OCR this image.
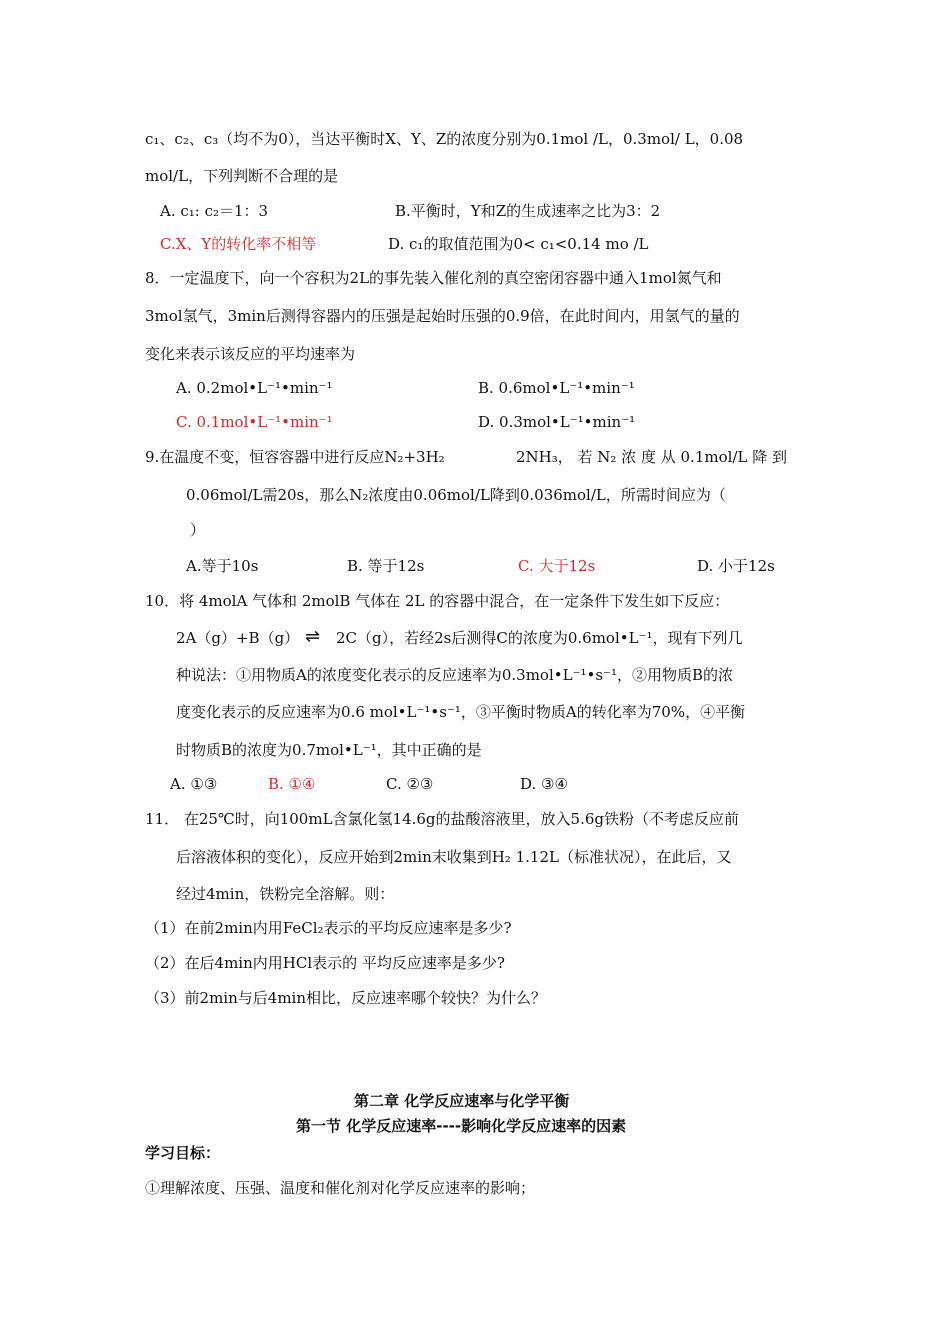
c₁、c₂、c₃（均不为0），当达平衡时X、Y、Z的浓度分别为0.1mol /L，0.3mol/ L，0.08
mol/L，下列判断不合理的是
A. c₁: c₂＝1：3	B.平衡时，Y和Z的生成速率之比为3：2
C.X、Y的转化率不相等	D. c₁的取值范围为0< c₁<0.14 mo /L
8．一定温度下，向一个容积为2L的事先装入催化剂的真空密闭容器中通入1mol氮气和
3mol氢气，3min后测得容器内的压强是起始时压强的0.9倍，在此时间内，用氢气的量的
变化来表示该反应的平均速率为
A. 0.2mol•L⁻¹•min⁻¹	B. 0.6mol•L⁻¹•min⁻¹
C. 0.1mol•L⁻¹•min⁻¹	D. 0.3mol•L⁻¹•min⁻¹
9.在温度不变，恒容容器中进行反应N₂+3H₂	2NH₃， 若 N₂ 浓 度 从 0.1mol/L 降 到
0.06mol/L需20s，那么N₂浓度由0.06mol/L降到0.036mol/L，所需时间应为（
）
A.等于10s	B. 等于12s	C. 大于12s	D. 小于12s
10．将 4molA 气体和 2molB 气体在 2L 的容器中混合，在一定条件下发生如下反应：
2A（g）+B（g） ⇌ 2C（g），若经2s后测得C的浓度为0.6mol•L⁻¹，现有下列几
种说法：①用物质A的浓度变化表示的反应速率为0.3mol•L⁻¹•s⁻¹，②用物质B的浓
度变化表示的反应速率为0.6 mol•L⁻¹•s⁻¹，③平衡时物质A的转化率为70%，④平衡
时物质B的浓度为0.7mol•L⁻¹，其中正确的是
A. ①③	B. ①④	C. ②③	D. ③④
11． 在25℃时，向100mL含氯化氢14.6g的盐酸溶液里，放入5.6g铁粉（不考虑反应前
后溶液体积的变化），反应开始到2min末收集到H₂ 1.12L（标准状况），在此后，又
经过4min，铁粉完全溶解。则：
（1）在前2min内用FeCl₂表示的平均反应速率是多少?
（2）在后4min内用HCl表示的 平均反应速率是多少?
（3）前2min与后4min相比，反应速率哪个较快？为什么？
第二章 化学反应速率与化学平衡
第一节 化学反应速率----影响化学反应速率的因素
学习目标：
①理解浓度、压强、温度和催化剂对化学反应速率的影响；
